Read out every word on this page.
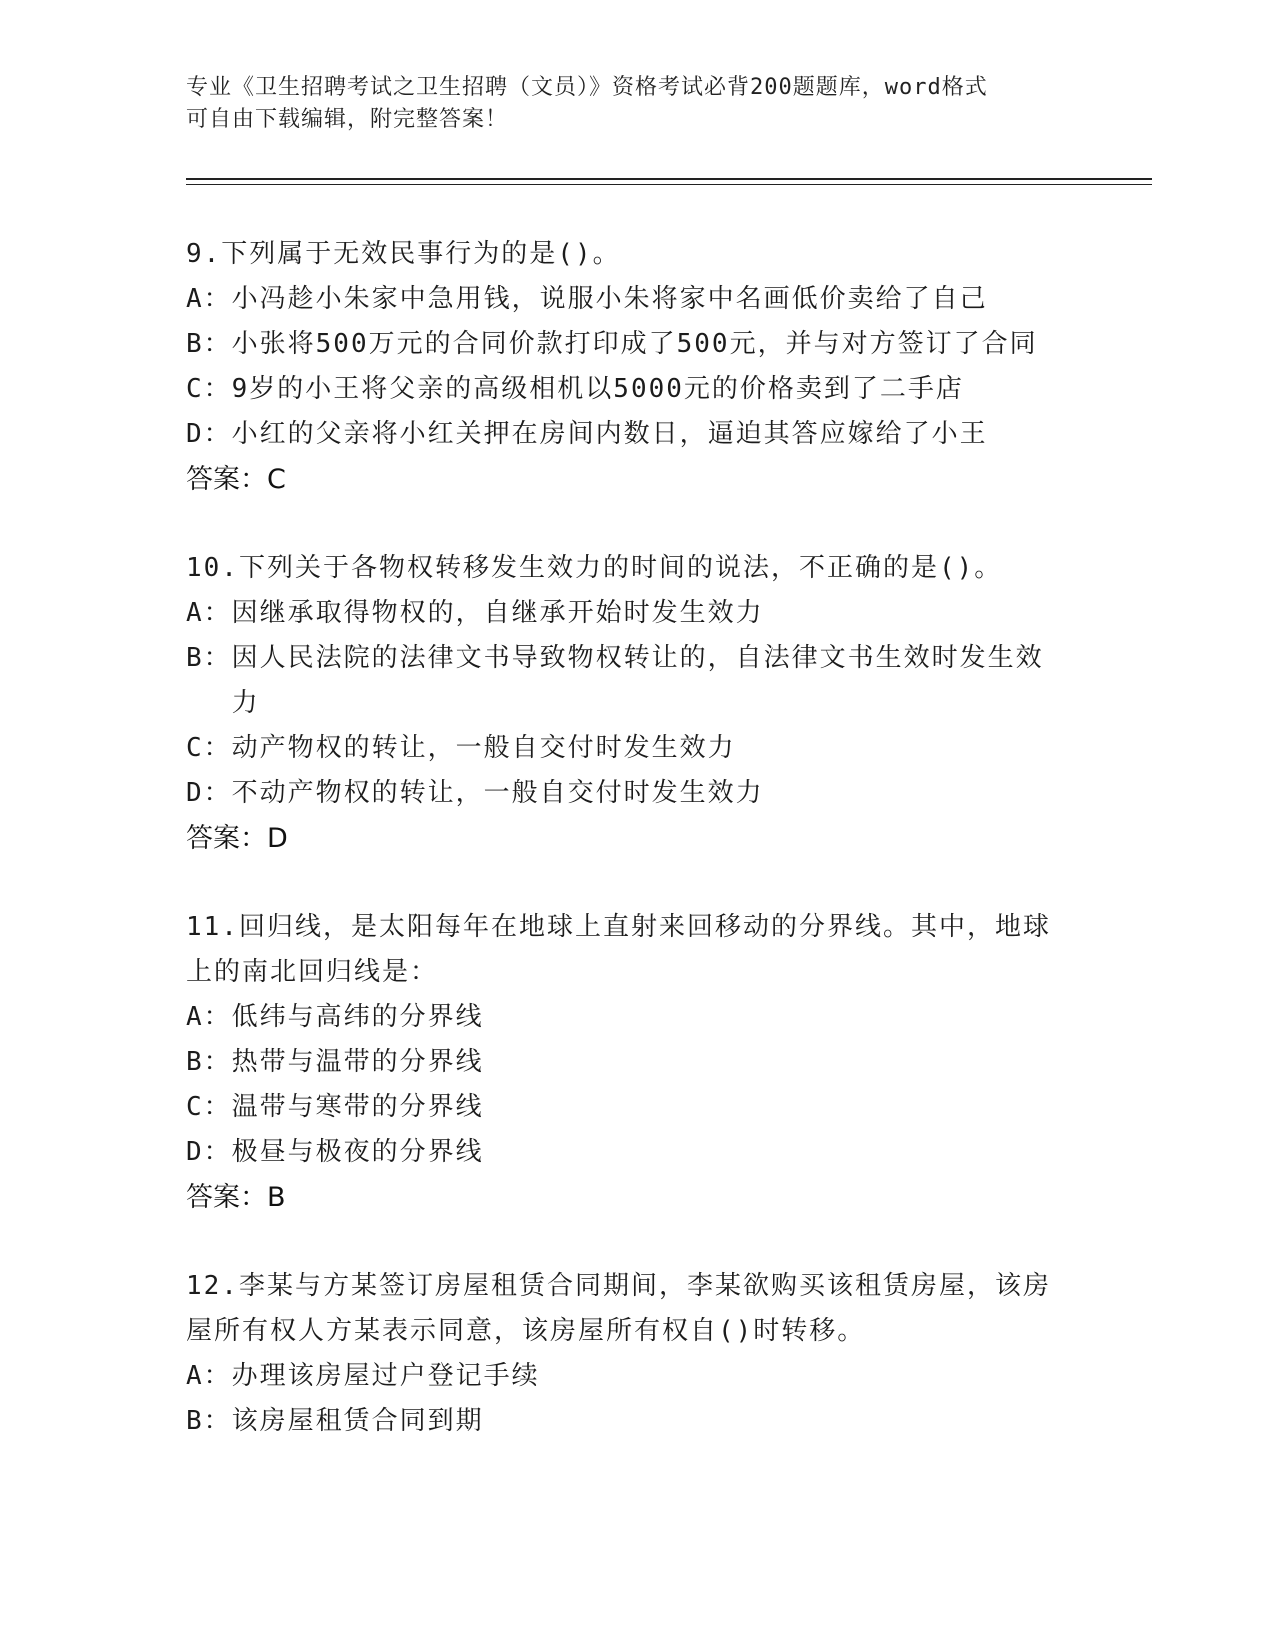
专业《卫生招聘考试之卫生招聘（文员）》资格考试必背200题题库，word格式
可自由下载编辑，附完整答案！
9.下列属于无效民事行为的是()。
A： 小冯趁小朱家中急用钱，说服小朱将家中名画低价卖给了自己
B： 小张将500万元的合同价款打印成了500元，并与对方签订了合同
C： 9岁的小王将父亲的高级相机以5000元的价格卖到了二手店
D： 小红的父亲将小红关押在房间内数日，逼迫其答应嫁给了小王
答案：C
10.下列关于各物权转移发生效力的时间的说法，不正确的是()。
A： 因继承取得物权的，自继承开始时发生效力
B： 因人民法院的法律文书导致物权转让的，自法律文书生效时发生效力
C： 动产物权的转让，一般自交付时发生效力
D： 不动产物权的转让，一般自交付时发生效力
答案：D
11.回归线，是太阳每年在地球上直射来回移动的分界线。其中，地球上的南北回归线是：
A： 低纬与高纬的分界线
B： 热带与温带的分界线
C： 温带与寒带的分界线
D： 极昼与极夜的分界线
答案：B
12.李某与方某签订房屋租赁合同期间，李某欲购买该租赁房屋，该房屋所有权人方某表示同意，该房屋所有权自()时转移。
A： 办理该房屋过户登记手续
B： 该房屋租赁合同到期
